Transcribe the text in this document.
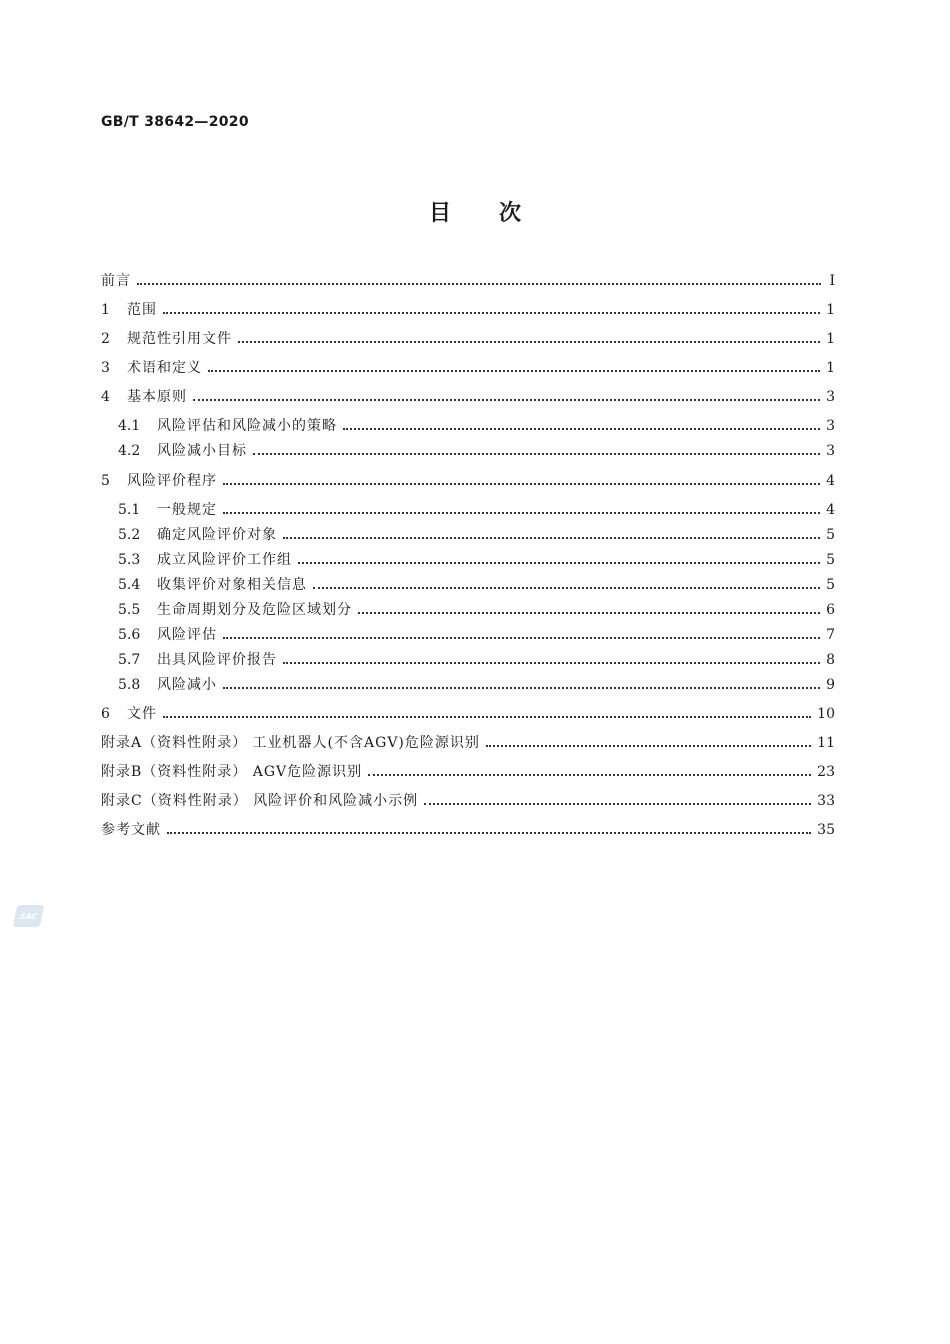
GB/T 38642—2020
目次
前言	Ⅰ
1	范围	1
2	规范性引用文件	1
3	术语和定义	1
4	基本原则	3
4.1	风险评估和风险减小的策略	3
4.2	风险减小目标	3
5	风险评价程序	4
5.1	一般规定	4
5.2	确定风险评价对象	5
5.3	成立风险评价工作组	5
5.4	收集评价对象相关信息	5
5.5	生命周期划分及危险区域划分	6
5.6	风险评估	7
5.7	出具风险评价报告	8
5.8	风险减小	9
6	文件	10
附录A（资料性附录） 工业机器人(不含AGV)危险源识别	11
附录B（资料性附录） AGV危险源识别	23
附录C（资料性附录） 风险评价和风险减小示例	33
参考文献	35
SAC
